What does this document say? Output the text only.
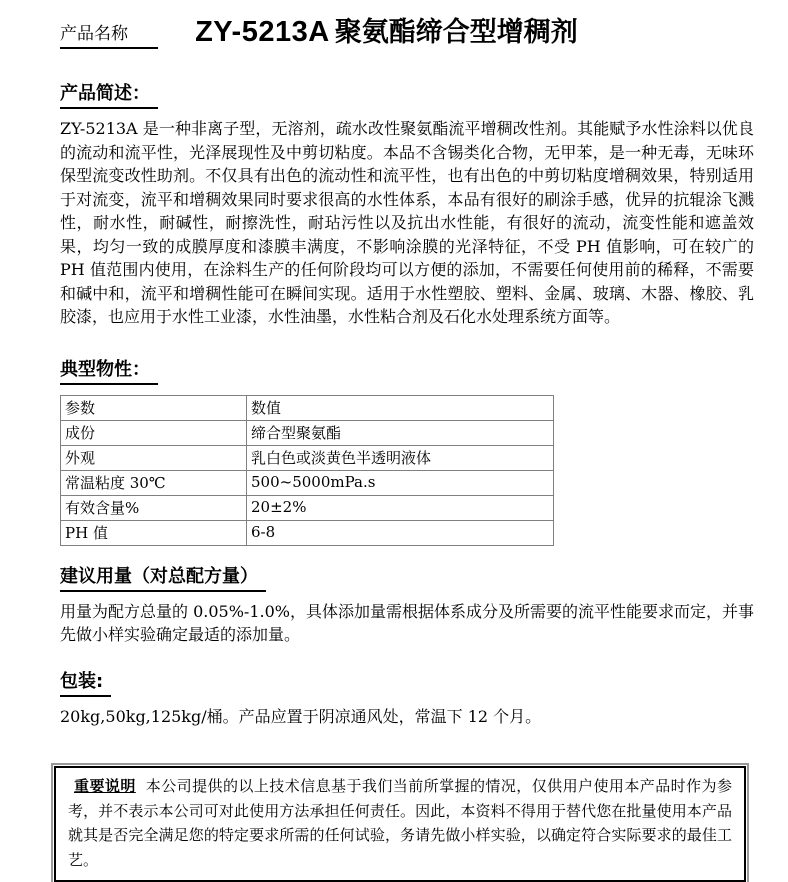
产品名称 ZY-5213A 聚氨酯缔合型增稠剂
产品简述：

ZY-5213A 是一种非离子型，无溶剂，疏水改性聚氨酯流平增稠改性剂。其能赋予水性涂料以优良的流动和流平性，光泽展现性及中剪切粘度。本品不含锡类化合物，无甲苯，是一种无毒，无味环保型流变改性助剂。不仅具有出色的流动性和流平性，也有出色的中剪切粘度增稠效果，特别适用于对流变，流平和增稠效果同时要求很高的水性体系，本品有很好的刷涂手感，优异的抗辊涂飞溅性，耐水性，耐碱性，耐擦洗性，耐玷污性以及抗出水性能，有很好的流动，流变性能和遮盖效果，均匀一致的成膜厚度和漆膜丰满度，不影响涂膜的光泽特征，不受 PH 值影响，可在较广的 PH 值范围内使用，在涂料生产的任何阶段均可以方便的添加，不需要任何使用前的稀释，不需要和碱中和，流平和增稠性能可在瞬间实现。适用于水性塑胶、塑料、金属、玻璃、木器、橡胶、乳胶漆，也应用于水性工业漆，水性油墨，水性粘合剂及石化水处理系统方面等。

典型物性：
参数	数值
成份	缔合型聚氨酯
外观	乳白色或淡黄色半透明液体
常温粘度 30℃	500~5000mPa.s
有效含量%	20±2%
PH 值	6-8
建议用量（对总配方量）

用量为配方总量的 0.05%-1.0%，具体添加量需根据体系成分及所需要的流平性能要求而定，并事先做小样实验确定最适的添加量。

包装:

20kg,50kg,125kg/桶。产品应置于阴凉通风处，常温下 12 个月。

重要说明 本公司提供的以上技术信息基于我们当前所掌握的情况，仅供用户使用本产品时作为参考，并不表示本公司可对此使用方法承担任何责任。因此，本资料不得用于替代您在批量使用本产品就其是否完全满足您的特定要求所需的任何试验，务请先做小样实验，以确定符合实际要求的最佳工艺。
